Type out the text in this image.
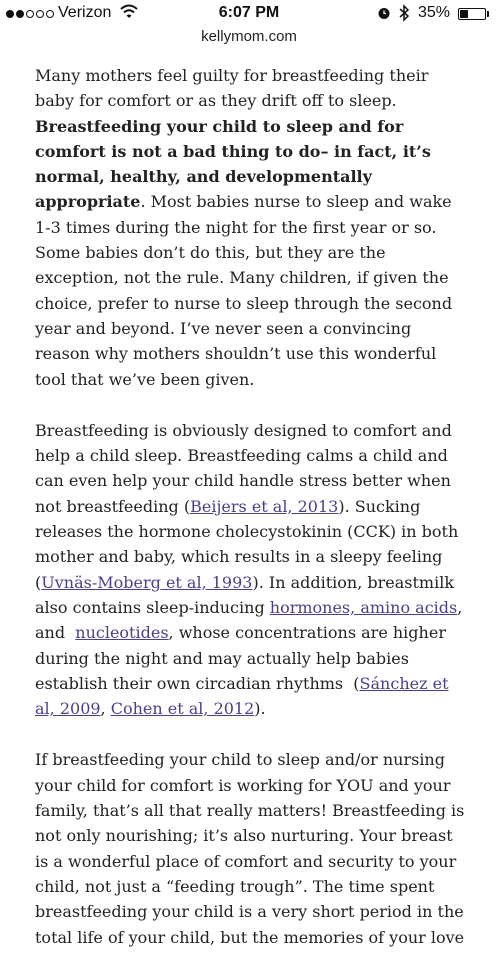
Verizon	6:07 PM	35%
kellymom.com

Many mothers feel guilty for breastfeeding their baby for comfort or as they drift off to sleep. Breastfeeding your child to sleep and for comfort is not a bad thing to do– in fact, it’s normal, healthy, and developmentally appropriate. Most babies nurse to sleep and wake 1-3 times during the night for the first year or so. Some babies don’t do this, but they are the exception, not the rule. Many children, if given the choice, prefer to nurse to sleep through the second year and beyond. I’ve never seen a convincing reason why mothers shouldn’t use this wonderful tool that we’ve been given.

Breastfeeding is obviously designed to comfort and help a child sleep. Breastfeeding calms a child and can even help your child handle stress better when not breastfeeding (Beijers et al, 2013). Sucking releases the hormone cholecystokinin (CCK) in both mother and baby, which results in a sleepy feeling (Uvnäs-Moberg et al, 1993). In addition, breastmilk also contains sleep-inducing hormones, amino acids, and  nucleotides, whose concentrations are higher during the night and may actually help babies establish their own circadian rhythms  (Sánchez et al, 2009, Cohen et al, 2012).

If breastfeeding your child to sleep and/or nursing your child for comfort is working for YOU and your family, that’s all that really matters! Breastfeeding is not only nourishing; it’s also nurturing. Your breast is a wonderful place of comfort and security to your child, not just a “feeding trough”. The time spent breastfeeding your child is a very short period in the total life of your child, but the memories of your love
